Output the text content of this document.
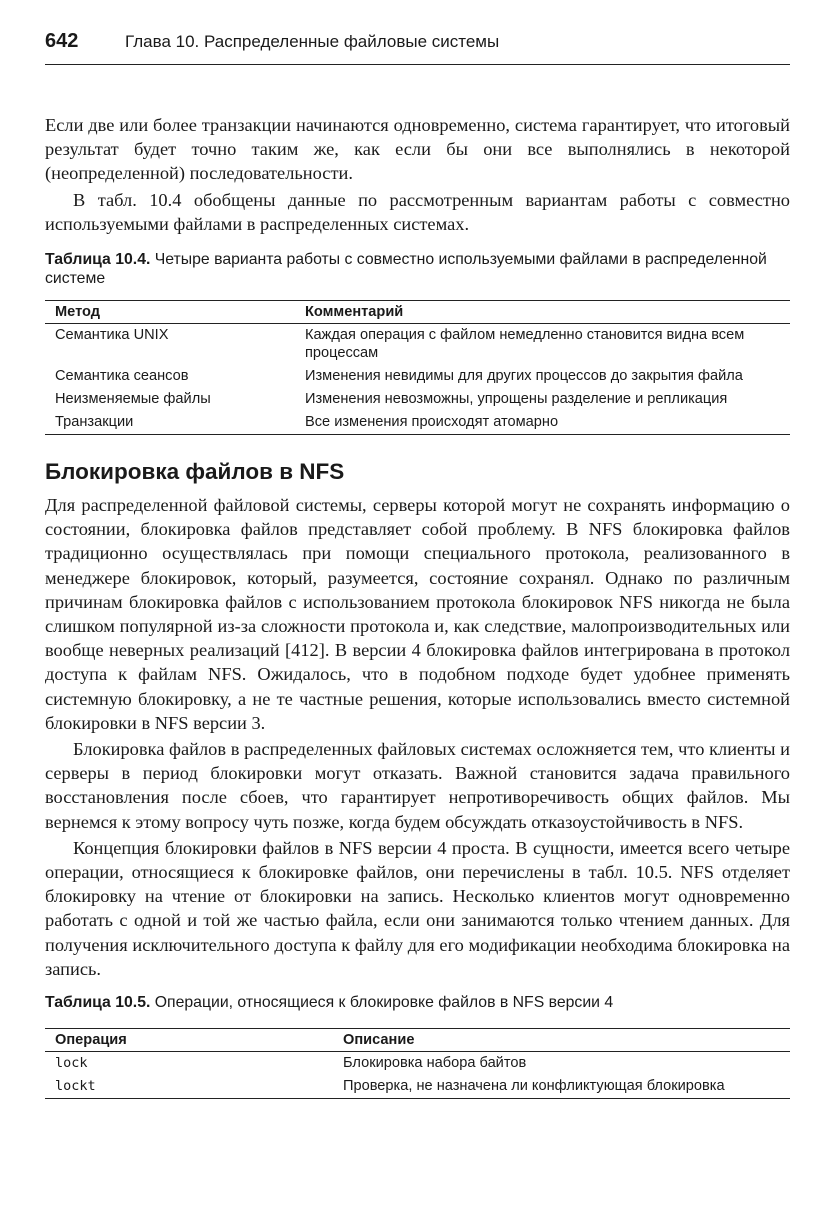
642	Глава 10. Распределенные файловые системы

Если две или более транзакции начинаются одновременно, система гарантирует, что итоговый результат будет точно таким же, как если бы они все выполнялись в некоторой (неопределенной) последовательности.

В табл. 10.4 обобщены данные по рассмотренным вариантам работы с совместно используемыми файлами в распределенных системах.

Таблица 10.4. Четыре варианта работы с совместно используемыми файлами в распределенной системе

Метод	Комментарий
Семантика UNIX	Каждая операция с файлом немедленно становится видна всем процессам
Семантика сеансов	Изменения невидимы для других процессов до закрытия файла
Неизменяемые файлы	Изменения невозможны, упрощены разделение и репликация
Транзакции	Все изменения происходят атомарно
Блокировка файлов в NFS

Для распределенной файловой системы, серверы которой могут не сохранять информацию о состоянии, блокировка файлов представляет собой проблему. В NFS блокировка файлов традиционно осуществлялась при помощи специального протокола, реализованного в менеджере блокировок, который, разумеется, состояние сохранял. Однако по различным причинам блокировка файлов с использованием протокола блокировок NFS никогда не была слишком популярной из-за сложности протокола и, как следствие, малопроизводительных или вообще неверных реализаций [412]. В версии 4 блокировка файлов интегрирована в протокол доступа к файлам NFS. Ожидалось, что в подобном подходе будет удобнее применять системную блокировку, а не те частные решения, которые использовались вместо системной блокировки в NFS версии 3.

Блокировка файлов в распределенных файловых системах осложняется тем, что клиенты и серверы в период блокировки могут отказать. Важной становится задача правильного восстановления после сбоев, что гарантирует непротиворечивость общих файлов. Мы вернемся к этому вопросу чуть позже, когда будем обсуждать отказоустойчивость в NFS.

Концепция блокировки файлов в NFS версии 4 проста. В сущности, имеется всего четыре операции, относящиеся к блокировке файлов, они перечислены в табл. 10.5. NFS отделяет блокировку на чтение от блокировки на запись. Несколько клиентов могут одновременно работать с одной и той же частью файла, если они занимаются только чтением данных. Для получения исключительного доступа к файлу для его модификации необходима блокировка на запись.

Таблица 10.5. Операции, относящиеся к блокировке файлов в NFS версии 4

Операция	Описание
lock	Блокировка набора байтов
lockt	Проверка, не назначена ли конфликтующая блокировка
